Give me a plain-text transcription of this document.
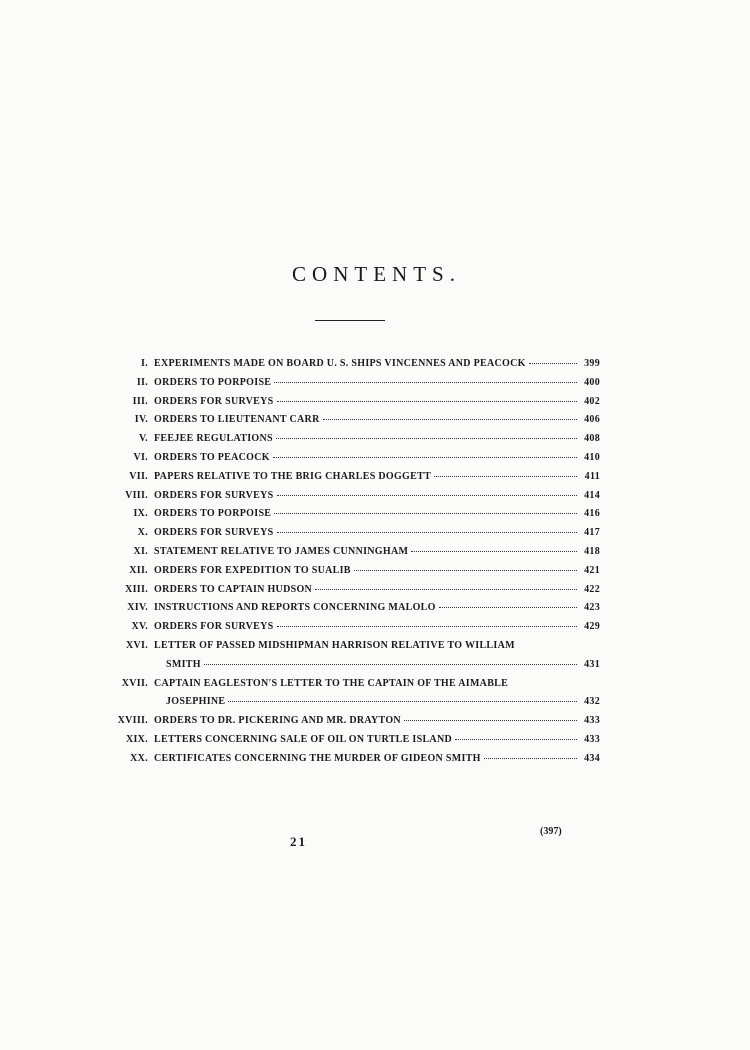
CONTENTS.
I. EXPERIMENTS MADE ON BOARD U. S. SHIPS VINCENNES AND PEACOCK	399
II. ORDERS TO PORPOISE	400
III. ORDERS FOR SURVEYS	402
IV. ORDERS TO LIEUTENANT CARR	406
V. FEEJEE REGULATIONS	408
VI. ORDERS TO PEACOCK	410
VII. PAPERS RELATIVE TO THE BRIG CHARLES DOGGETT	411
VIII. ORDERS FOR SURVEYS	414
IX. ORDERS TO PORPOISE	416
X. ORDERS FOR SURVEYS	417
XI. STATEMENT RELATIVE TO JAMES CUNNINGHAM	418
XII. ORDERS FOR EXPEDITION TO SUALIB	421
XIII. ORDERS TO CAPTAIN HUDSON	422
XIV. INSTRUCTIONS AND REPORTS CONCERNING MALOLO	423
XV. ORDERS FOR SURVEYS	429
XVI. LETTER OF PASSED MIDSHIPMAN HARRISON RELATIVE TO WILLIAM
SMITH	431
XVII. CAPTAIN EAGLESTON'S LETTER TO THE CAPTAIN OF THE AIMABLE
JOSEPHINE	432
XVIII. ORDERS TO DR. PICKERING AND MR. DRAYTON	433
XIX. LETTERS CONCERNING SALE OF OIL ON TURTLE ISLAND	433
XX. CERTIFICATES CONCERNING THE MURDER OF GIDEON SMITH	434
21
(397)
